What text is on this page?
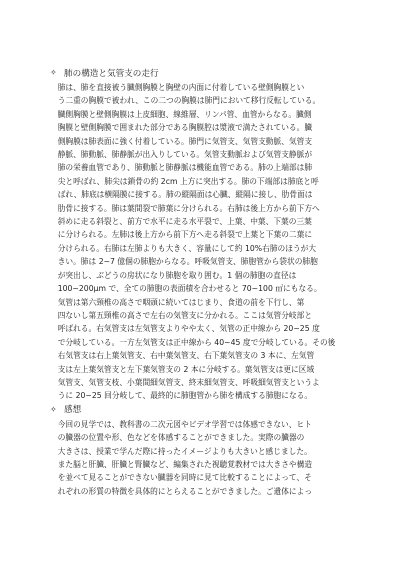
✧ 肺の構造と気管支の走行

肺は、肺を直接被う臓側胸膜と胸壁の内面に付着している壁側胸膜とい
う二重の胸膜で被われ、この二つの胸膜は肺門において移行反転している。
臓側胸膜と壁側胸膜は上皮細胞、線維層、リンパ管、血管からなる。臓側
胸膜と壁側胸膜で囲まれた部分である胸膜腔は漿液で満たされている。臓
側胸膜は肺表面に強く付着している。肺門に気管支、気管支動脈、気管支
静脈、肺動脈、肺静脈が出入りしている。気管支動脈および気管支静脈が
肺の栄養血管であり、肺動脈と肺静脈は機能血管である。肺の上端部は肺
尖と呼ばれ、肺尖は鎖骨の約 2cm 上方に突出する。肺の下端部は肺底と呼
ばれ、肺底は横隔膜に接する。肺の縦隔面は心臓、縦隔に接し、肋骨面は
肋骨に接する。肺は葉間裂で肺葉に分けられる。右肺は後上方から前下方へ
斜めに走る斜裂と、前方で水平に走る水平裂で、上葉、中葉、下葉の三葉
に分けられる。左肺は後上方から前下方へ走る斜裂で上葉と下葉の二葉に
分けられる。右肺は左肺よりも大きく、容量にして約 10%右肺のほうが大
きい。肺は 2~7 億個の肺胞からなる。呼吸気管支、肺胞管から袋状の肺胞
が突出し、ぶどうの房状になり肺胞を取り囲む。1 個の肺胞の直径は
100~200μm で、全ての肺胞の表面積を合わせると 70~100 ㎡にもなる。

気管は第六頸椎の高さで咽頭に続いてはじまり、食道の前を下行し、第
四ないし第五頸椎の高さで左右の気管支に分かれる。ここは気管分岐部と
呼ばれる。右気管支は左気管支よりやや太く、気管の正中線から 20~25 度
で分岐している。一方左気管支は正中線から 40~45 度で分岐している。その後
右気管支は右上葉気管支、右中葉気管支、右下葉気管支の 3 本に、左気管
支は左上葉気管支と左下葉気管支の 2 本に分岐する。葉気管支は更に区域
気管支、気管支枝、小葉間細気管支、終末細気管支、呼吸細気管支というよ
うに 20~25 回分岐して、最終的に肺胞管から肺を構成する肺胞になる。

✧ 感想

今回の見学では、教科書の二次元図やビデオ学習では体感できない、ヒト
の臓器の位置や形、色などを体感することができました。実際の臓器の
大きさは、授業で学んだ際に持ったイメージよりも大きいと感じました。
また脳と肝臓、肝臓と腎臓など、編集された視聴覚教材では大きさや構造
を並べて見ることができない臓器を同時に見て比較することによって、そ
れぞれの形質の特徴を具体的にとらえることができました。ご遺体によっ
